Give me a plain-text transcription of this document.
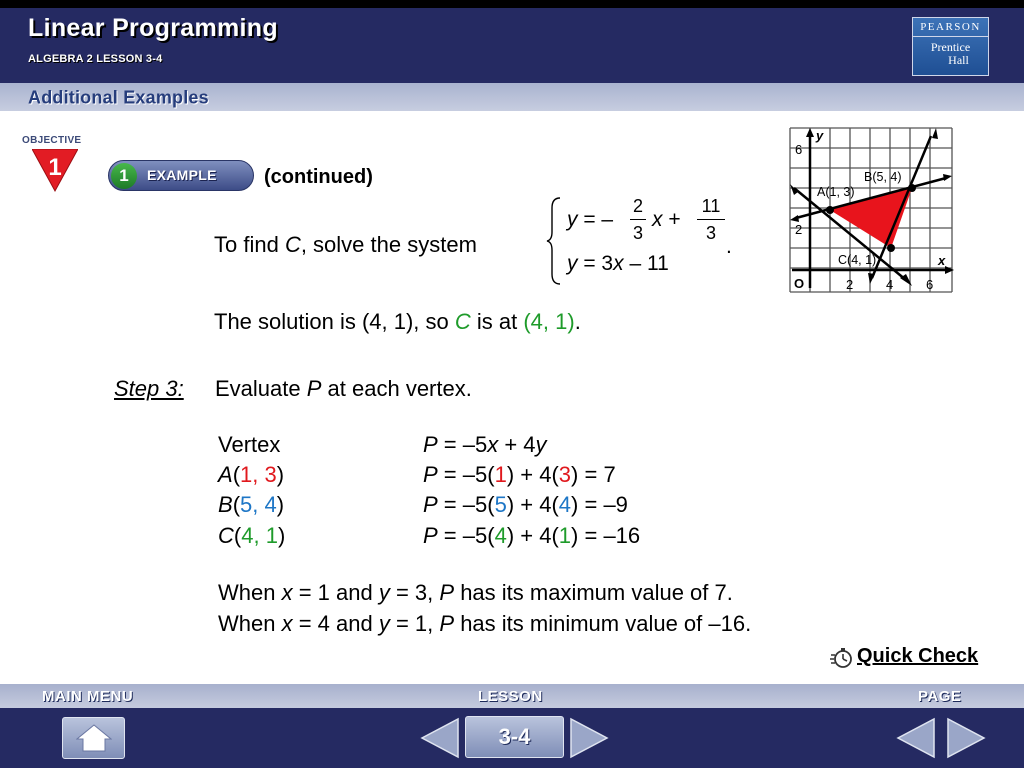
Linear Programming
ALGEBRA 2 LESSON 3-4
PEARSON
Prentice
Hall
Additional Examples
OBJECTIVE
1	1	EXAMPLE (continued)
To find C, solve the system
y = –
2
3
x +
11
3
.
y = 3x – 11
y
x
O
6
2
2	4	6
A(1, 3)
B(5, 4)
C(4, 1)
The solution is (4, 1), so C is at (4, 1).
Step 3: Evaluate P at each vertex.
Vertex	P = –5x + 4y
A(1, 3)	P = –5(1) + 4(3) = 7
B(5, 4)	P = –5(5) + 4(4) = –9
C(4, 1)	P = –5(4) + 4(1) = –16
When x = 1 and y = 3, P has its maximum value of 7.
When x = 4 and y = 1, P has its minimum value of –16.
Quick Check
MAIN MENU	LESSON	PAGE
3-4
